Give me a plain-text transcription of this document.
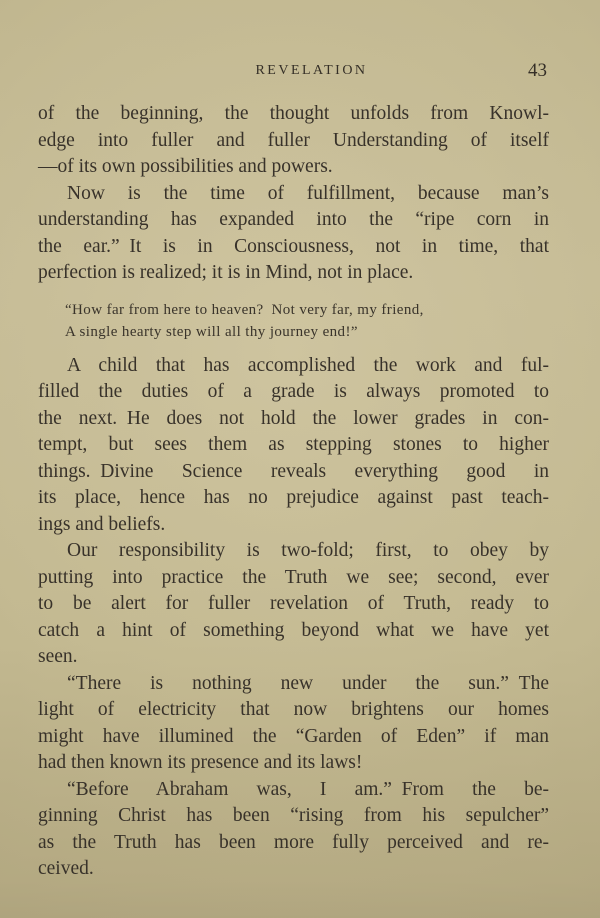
REVELATION	43
of the beginning, the thought unfolds from Knowl-
edge into fuller and fuller Understanding of itself
—of its own possibilities and powers.
Now is the time of fulfillment, because man’s
understanding has expanded into the “ripe corn in
the ear.” It is in Consciousness, not in time, that
perfection is realized; it is in Mind, not in place.
“How far from here to heaven? Not very far, my friend,
A single hearty step will all thy journey end!”
A child that has accomplished the work and ful-
filled the duties of a grade is always promoted to
the next. He does not hold the lower grades in con-
tempt, but sees them as stepping stones to higher
things. Divine Science reveals everything good in
its place, hence has no prejudice against past teach-
ings and beliefs.
Our responsibility is two-fold; first, to obey by
putting into practice the Truth we see; second, ever
to be alert for fuller revelation of Truth, ready to
catch a hint of something beyond what we have yet
seen.
“There is nothing new under the sun.” The
light of electricity that now brightens our homes
might have illumined the “Garden of Eden” if man
had then known its presence and its laws!
“Before Abraham was, I am.” From the be-
ginning Christ has been “rising from his sepulcher”
as the Truth has been more fully perceived and re-
ceived.
